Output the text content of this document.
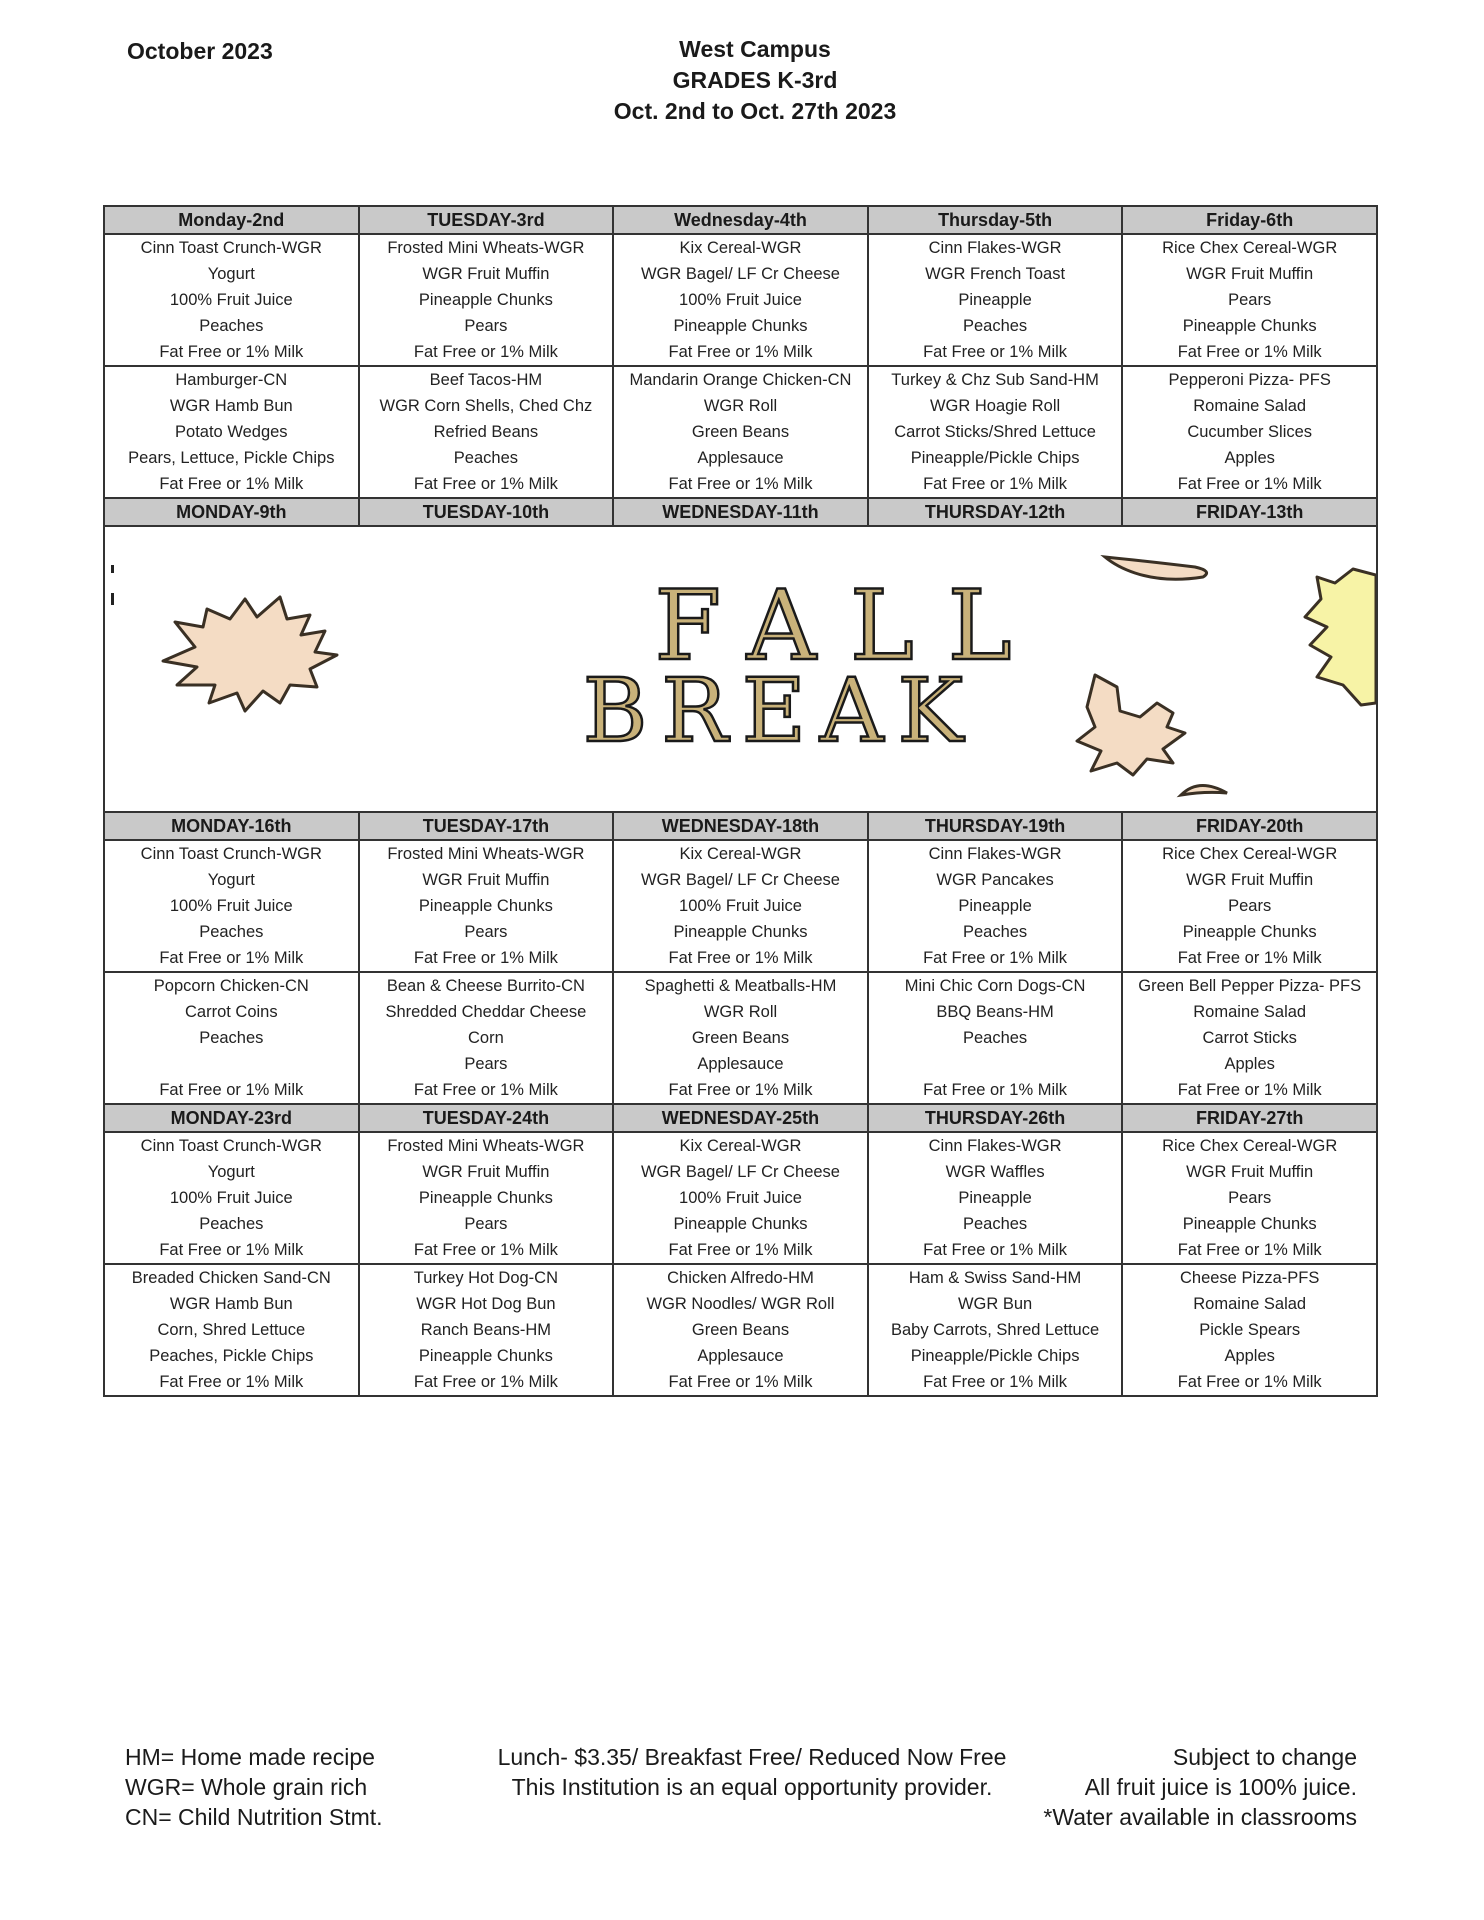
October 2023	West Campus
GRADES K-3rd
Oct. 2nd to Oct. 27th 2023
Monday-2nd	TUESDAY-3rd	Wednesday-4th	Thursday-5th	Friday-6th
Cinn Toast Crunch-WGR	Frosted Mini Wheats-WGR	Kix Cereal-WGR	Cinn Flakes-WGR	Rice Chex Cereal-WGR
Yogurt	WGR Fruit Muffin	WGR Bagel/ LF Cr Cheese	WGR French Toast	WGR Fruit Muffin
100% Fruit Juice	Pineapple Chunks	100% Fruit Juice	Pineapple	Pears
Peaches	Pears	Pineapple Chunks	Peaches	Pineapple Chunks
Fat Free or 1% Milk	Fat Free or 1% Milk	Fat Free or 1% Milk	Fat Free or 1% Milk	Fat Free or 1% Milk
Hamburger-CN	Beef Tacos-HM	Mandarin Orange Chicken-CN	Turkey & Chz Sub Sand-HM	Pepperoni Pizza- PFS
WGR Hamb Bun	WGR Corn Shells, Ched Chz	WGR Roll	WGR Hoagie Roll	Romaine Salad
Potato Wedges	Refried Beans	Green Beans	Carrot Sticks/Shred Lettuce	Cucumber Slices
Pears, Lettuce, Pickle Chips	Peaches	Applesauce	Pineapple/Pickle Chips	Apples
Fat Free or 1% Milk	Fat Free or 1% Milk	Fat Free or 1% Milk	Fat Free or 1% Milk	Fat Free or 1% Milk
MONDAY-9th	TUESDAY-10th	WEDNESDAY-11th	THURSDAY-12th	FRIDAY-13th

FALL
BREAK				

MONDAY-16th	TUESDAY-17th	WEDNESDAY-18th	THURSDAY-19th	FRIDAY-20th
Cinn Toast Crunch-WGR	Frosted Mini Wheats-WGR	Kix Cereal-WGR	Cinn Flakes-WGR	Rice Chex Cereal-WGR
Yogurt	WGR Fruit Muffin	WGR Bagel/ LF Cr Cheese	WGR Pancakes	WGR Fruit Muffin
100% Fruit Juice	Pineapple Chunks	100% Fruit Juice	Pineapple	Pears
Peaches	Pears	Pineapple Chunks	Peaches	Pineapple Chunks
Fat Free or 1% Milk	Fat Free or 1% Milk	Fat Free or 1% Milk	Fat Free or 1% Milk	Fat Free or 1% Milk
Popcorn Chicken-CN	Bean & Cheese Burrito-CN	Spaghetti & Meatballs-HM	Mini Chic Corn Dogs-CN	Green Bell Pepper Pizza- PFS
Carrot Coins	Shredded Cheddar Cheese	WGR Roll	BBQ Beans-HM	Romaine Salad
Peaches	Corn	Green Beans	Peaches	Carrot Sticks
	Pears	Applesauce		Apples
Fat Free or 1% Milk	Fat Free or 1% Milk	Fat Free or 1% Milk	Fat Free or 1% Milk	Fat Free or 1% Milk
MONDAY-23rd	TUESDAY-24th	WEDNESDAY-25th	THURSDAY-26th	FRIDAY-27th
Cinn Toast Crunch-WGR	Frosted Mini Wheats-WGR	Kix Cereal-WGR	Cinn Flakes-WGR	Rice Chex Cereal-WGR
Yogurt	WGR Fruit Muffin	WGR Bagel/ LF Cr Cheese	WGR Waffles	WGR Fruit Muffin
100% Fruit Juice	Pineapple Chunks	100% Fruit Juice	Pineapple	Pears
Peaches	Pears	Pineapple Chunks	Peaches	Pineapple Chunks
Fat Free or 1% Milk	Fat Free or 1% Milk	Fat Free or 1% Milk	Fat Free or 1% Milk	Fat Free or 1% Milk
Breaded Chicken Sand-CN	Turkey Hot Dog-CN	Chicken Alfredo-HM	Ham & Swiss Sand-HM	Cheese Pizza-PFS
WGR Hamb Bun	WGR Hot Dog Bun	WGR Noodles/ WGR Roll	WGR Bun	Romaine Salad
Corn, Shred Lettuce	Ranch Beans-HM	Green Beans	Baby Carrots, Shred Lettuce	Pickle Spears
Peaches, Pickle Chips	Pineapple Chunks	Applesauce	Pineapple/Pickle Chips	Apples
Fat Free or 1% Milk	Fat Free or 1% Milk	Fat Free or 1% Milk	Fat Free or 1% Milk	Fat Free or 1% Milk
HM= Home made recipe
WGR= Whole grain rich
CN= Child Nutrition Stmt.
Lunch- $3.35/ Breakfast Free/ Reduced Now Free
This Institution is an equal opportunity provider.
Subject to change
All fruit juice is 100% juice.
*Water available in classrooms
